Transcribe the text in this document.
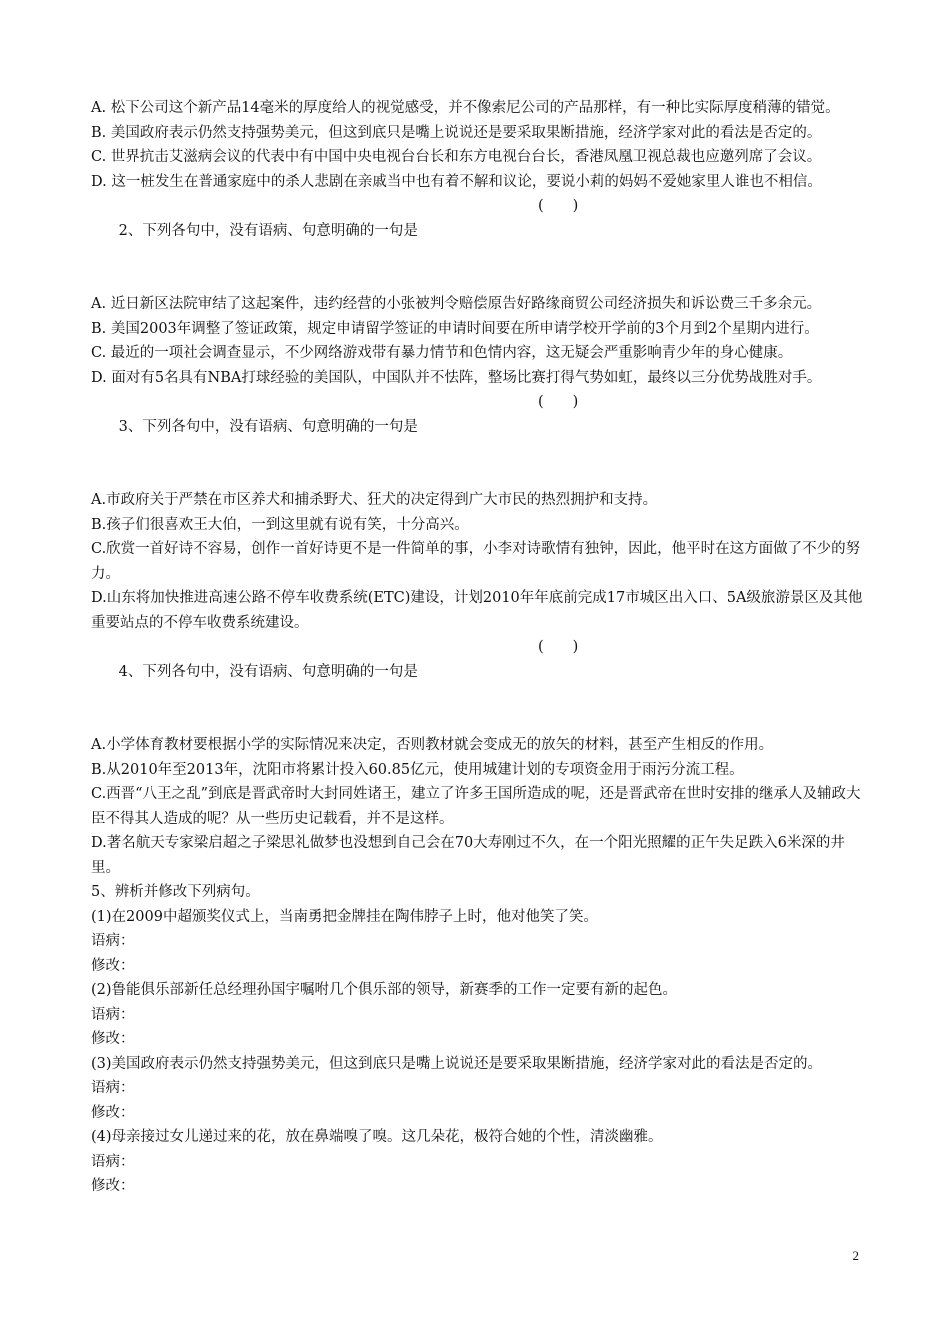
A. 松下公司这个新产品14毫米的厚度给人的视觉感受，并不像索尼公司的产品那样，有一种比实际厚度稍薄的错觉。
B. 美国政府表示仍然支持强势美元，但这到底只是嘴上说说还是要采取果断措施，经济学家对此的看法是否定的。
C. 世界抗击艾滋病会议的代表中有中国中央电视台台长和东方电视台台长，香港凤凰卫视总裁也应邀列席了会议。
D. 这一桩发生在普通家庭中的杀人悲剧在亲戚当中也有着不解和议论，要说小莉的妈妈不爱她家里人谁也不相信。

2、下列各句中，没有语病、句意明确的一句是

(　　)

A. 近日新区法院审结了这起案件，违约经营的小张被判令赔偿原告好路缘商贸公司经济损失和诉讼费三千多余元。
B. 美国2003年调整了签证政策，规定申请留学签证的申请时间要在所申请学校开学前的3个月到2个星期内进行。
C. 最近的一项社会调查显示，不少网络游戏带有暴力情节和色情内容，这无疑会严重影响青少年的身心健康。
D. 面对有5名具有NBA打球经验的美国队，中国队并不怯阵，整场比赛打得气势如虹，最终以三分优势战胜对手。

3、下列各句中，没有语病、句意明确的一句是

(　　)

A.市政府关于严禁在市区养犬和捕杀野犬、狂犬的决定得到广大市民的热烈拥护和支持。
B.孩子们很喜欢王大伯，一到这里就有说有笑，十分高兴。
C.欣赏一首好诗不容易，创作一首好诗更不是一件简单的事，小李对诗歌情有独钟，因此，他平时在这方面做了不少的努力。
D.山东将加快推进高速公路不停车收费系统(ETC)建设，计划2010年年底前完成17市城区出入口、5A级旅游景区及其他重要站点的不停车收费系统建设。

4、下列各句中，没有语病、句意明确的一句是

(　　)

A.小学体育教材要根据小学的实际情况来决定，否则教材就会变成无的放矢的材料，甚至产生相反的作用。
B.从2010年至2013年，沈阳市将累计投入60.85亿元，使用城建计划的专项资金用于雨污分流工程。
C.西晋“八王之乱”到底是晋武帝时大封同姓诸王，建立了许多王国所造成的呢，还是晋武帝在世时安排的继承人及辅政大臣不得其人造成的呢？从一些历史记载看，并不是这样。
D.著名航天专家梁启超之子梁思礼做梦也没想到自己会在70大寿刚过不久，在一个阳光照耀的正午失足跌入6米深的井里。
5、辨析并修改下列病句。
(1)在2009中超颁奖仪式上，当南勇把金牌挂在陶伟脖子上时，他对他笑了笑。
语病：
修改：
(2)鲁能俱乐部新任总经理孙国宇嘱咐几个俱乐部的领导，新赛季的工作一定要有新的起色。
语病：
修改：
(3)美国政府表示仍然支持强势美元，但这到底只是嘴上说说还是要采取果断措施，经济学家对此的看法是否定的。
语病：
修改：
(4)母亲接过女儿递过来的花，放在鼻端嗅了嗅。这几朵花，极符合她的个性，清淡幽雅。
语病：
修改：
2
